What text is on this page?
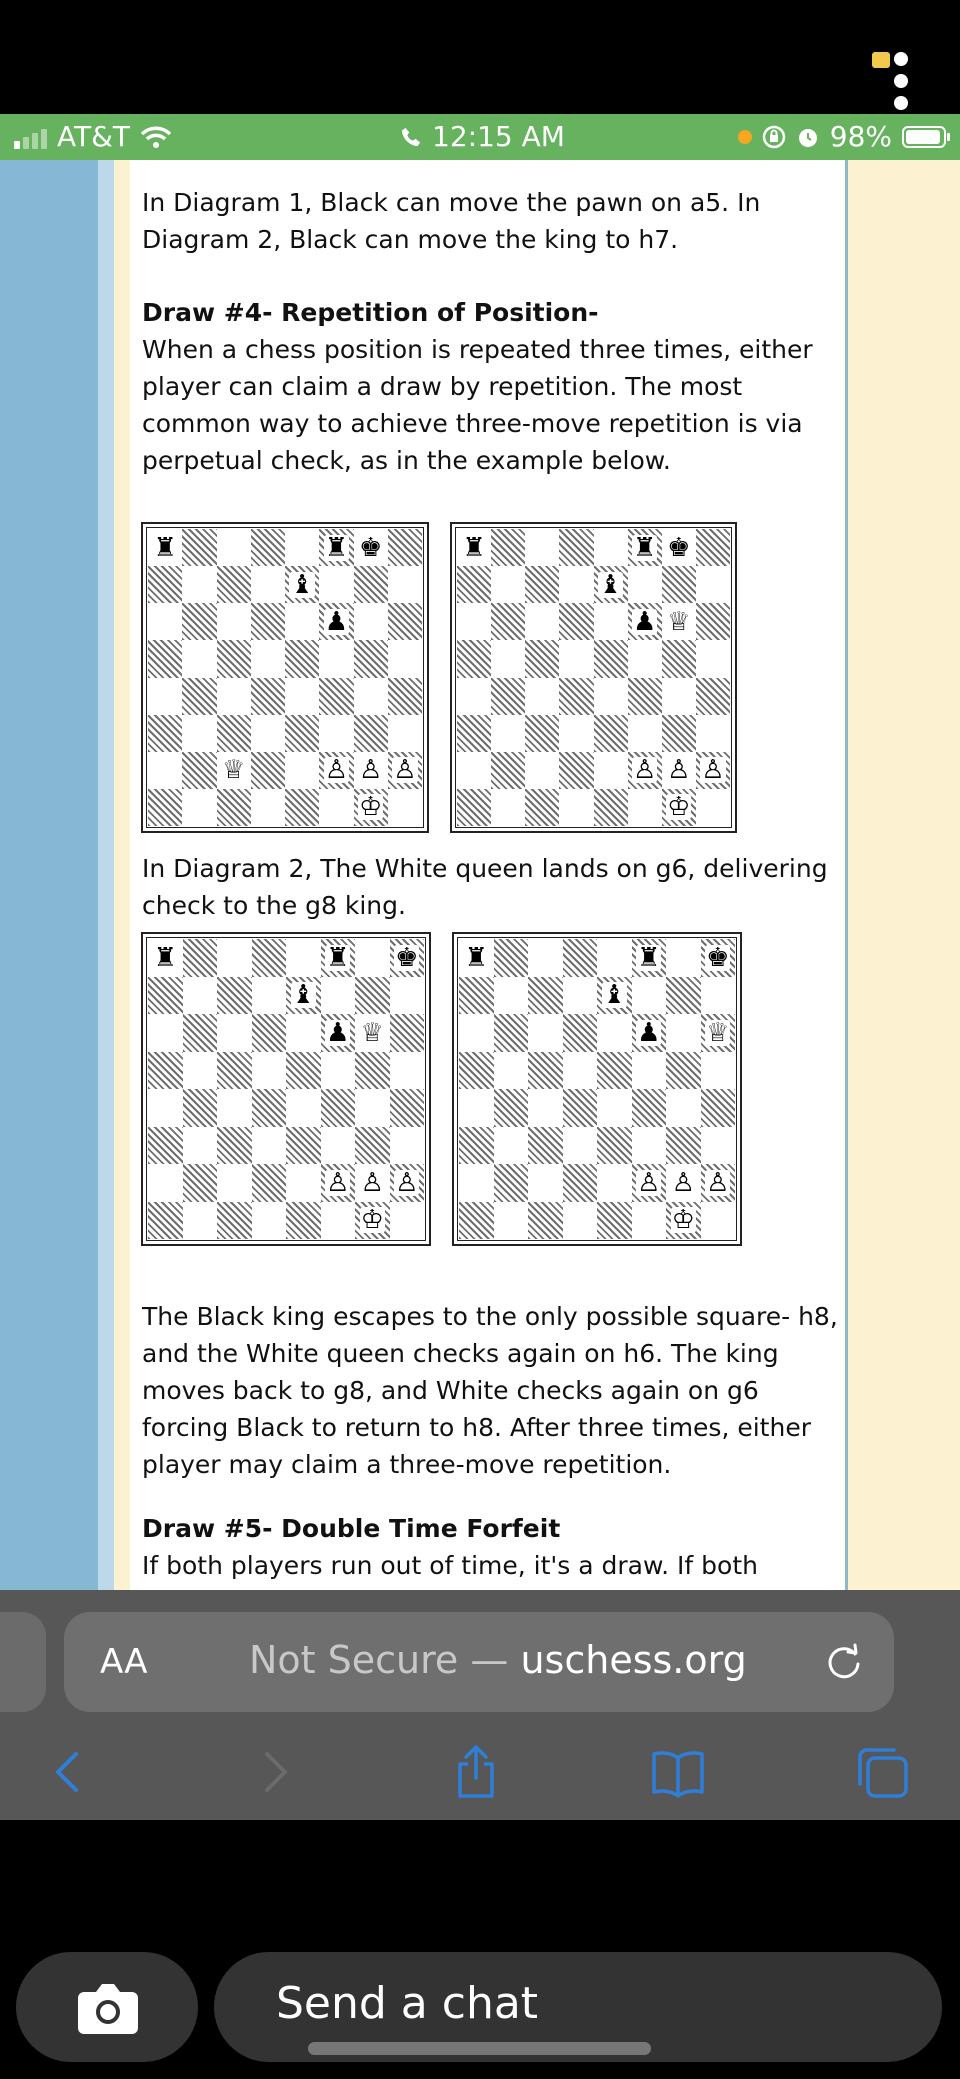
AT&T	12:15 AM	98%

In Diagram 1, Black can move the pawn on a5. In Diagram 2, Black can move the king to h7.

Draw #4- Repetition of Position-

When a chess position is repeated three times, either player can claim a draw by repetition. The most common way to achieve three-move repetition is via perpetual check, as in the example below.

♜	♜ ♚
♝
♟
♕	♙ ♙ ♙
♔
♜	♜ ♚
♝
♟ ♕
♙ ♙ ♙
♔

In Diagram 2, The White queen lands on g6, delivering check to the g8 king.

♜	♜ ♚
♝
♟ ♕
♙ ♙ ♙
♔
♜	♜ ♚
♝
♟ ♕
♙ ♙ ♙
♔

The Black king escapes to the only possible square- h8, and the White queen checks again on h6. The king moves back to g8, and White checks again on g6 forcing Black to return to h8. After three times, either player may claim a three-move repetition.

Draw #5- Double Time Forfeit

If both players run out of time, it's a draw. If both

AA	Not Secure — uschess.org
Send a chat
